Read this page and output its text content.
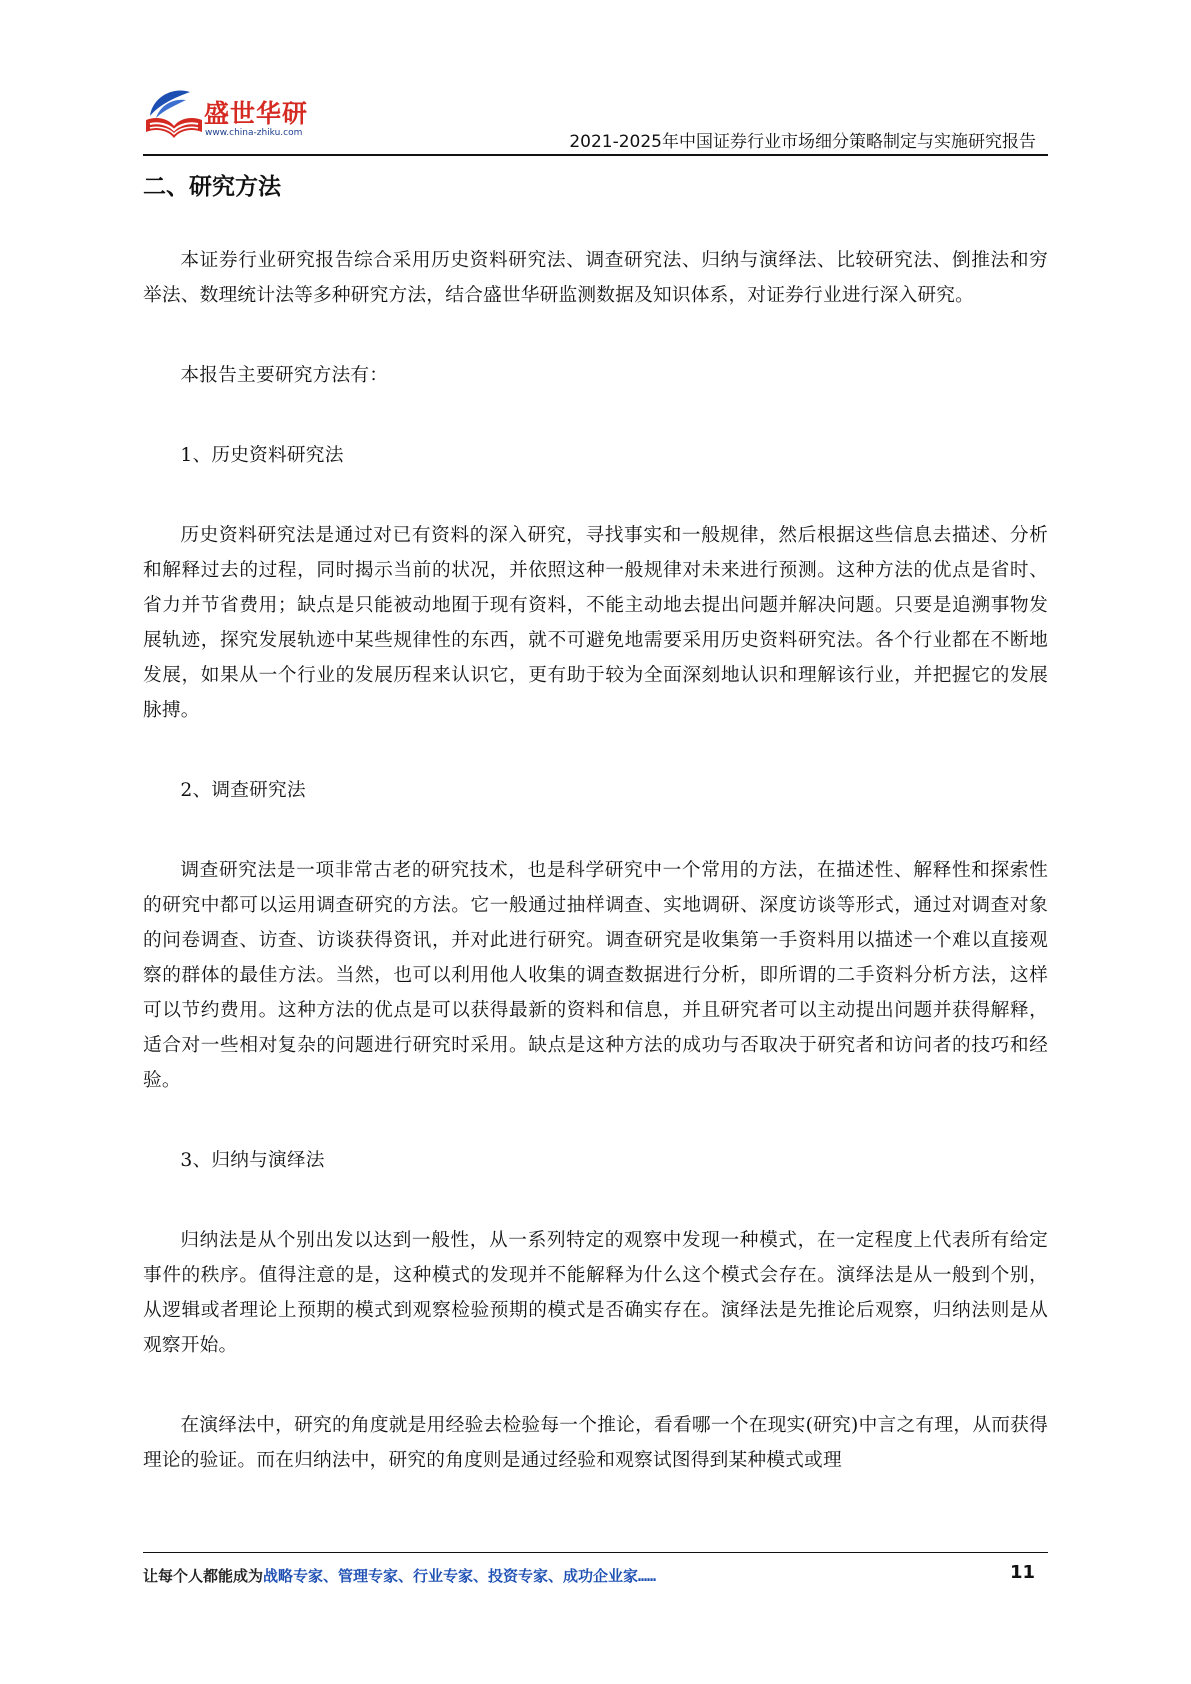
盛世华研
www.china-zhiku.com	2021-2025年中国证券行业市场细分策略制定与实施研究报告
二、研究方法

本证券行业研究报告综合采用历史资料研究法、调查研究法、归纳与演绎法、比较研究法、倒推法和穷举法、数理统计法等多种研究方法，结合盛世华研监测数据及知识体系，对证券行业进行深入研究。

本报告主要研究方法有：

1、历史资料研究法

历史资料研究法是通过对已有资料的深入研究，寻找事实和一般规律，然后根据这些信息去描述、分析和解释过去的过程，同时揭示当前的状况，并依照这种一般规律对未来进行预测。这种方法的优点是省时、省力并节省费用；缺点是只能被动地囿于现有资料，不能主动地去提出问题并解决问题。只要是追溯事物发展轨迹，探究发展轨迹中某些规律性的东西，就不可避免地需要采用历史资料研究法。各个行业都在不断地发展，如果从一个行业的发展历程来认识它，更有助于较为全面深刻地认识和理解该行业，并把握它的发展脉搏。

2、调查研究法

调查研究法是一项非常古老的研究技术，也是科学研究中一个常用的方法，在描述性、解释性和探索性的研究中都可以运用调查研究的方法。它一般通过抽样调查、实地调研、深度访谈等形式，通过对调查对象的问卷调查、访查、访谈获得资讯，并对此进行研究。调查研究是收集第一手资料用以描述一个难以直接观察的群体的最佳方法。当然，也可以利用他人收集的调查数据进行分析，即所谓的二手资料分析方法，这样可以节约费用。这种方法的优点是可以获得最新的资料和信息，并且研究者可以主动提出问题并获得解释，适合对一些相对复杂的问题进行研究时采用。缺点是这种方法的成功与否取决于研究者和访问者的技巧和经验。

3、归纳与演绎法

归纳法是从个别出发以达到一般性，从一系列特定的观察中发现一种模式，在一定程度上代表所有给定事件的秩序。值得注意的是，这种模式的发现并不能解释为什么这个模式会存在。演绎法是从一般到个别，从逻辑或者理论上预期的模式到观察检验预期的模式是否确实存在。演绎法是先推论后观察，归纳法则是从观察开始。

在演绎法中，研究的角度就是用经验去检验每一个推论，看看哪一个在现实(研究)中言之有理，从而获得理论的验证。而在归纳法中，研究的角度则是通过经验和观察试图得到某种模式或理

让每个人都能成为战略专家、管理专家、行业专家、投资专家、成功企业家……	11
